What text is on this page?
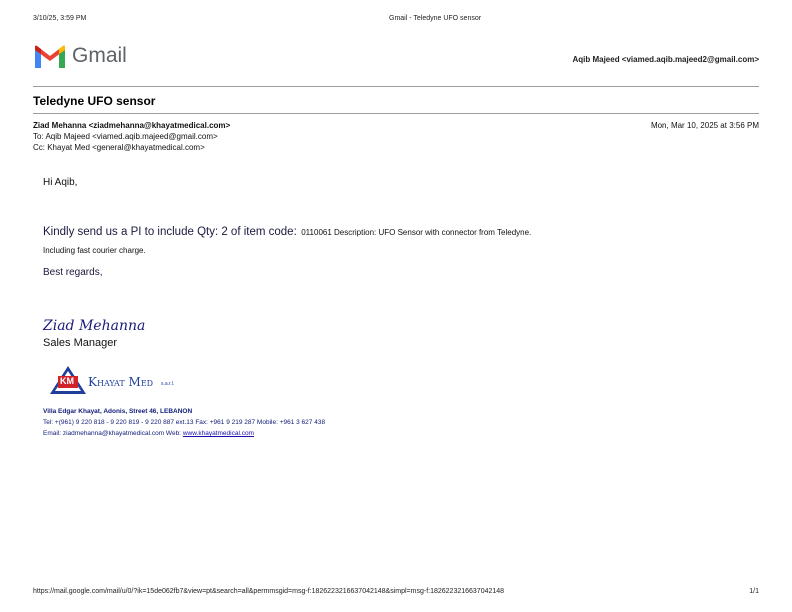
3/10/25, 3:59 PM	Gmail - Teledyne UFO sensor
Gmail	Aqib Majeed <viamed.aqib.majeed2@gmail.com>
Teledyne UFO sensor
Ziad Mehanna <ziadmehanna@khayatmedical.com>	Mon, Mar 10, 2025 at 3:56 PM
To: Aqib Majeed <viamed.aqib.majeed@gmail.com>
Cc: Khayat Med <general@khayatmedical.com>
Hi Aqib,
Kindly send us a PI to include Qty: 2 of item code: 0110061 Description: UFO Sensor with connector from Teledyne.
Including fast courier charge.
Best regards,
Ziad Mehanna
Sales Manager
KM Khayat Med s.a.r.l.
Villa Edgar Khayat, Adonis, Street 46, LEBANON
Tel: +(961) 9 220 818 - 9 220 819 - 9 220 887 ext.13 Fax: +961 9 219 287 Mobile: +961 3 627 438
Email: ziadmehanna@khayatmedical.com Web: www.khayatmedical.com
https://mail.google.com/mail/u/0/?ik=15de062fb7&view=pt&search=all&permmsgid=msg-f:1826223216637042148&simpl=msg-f:1826223216637042148	1/1
